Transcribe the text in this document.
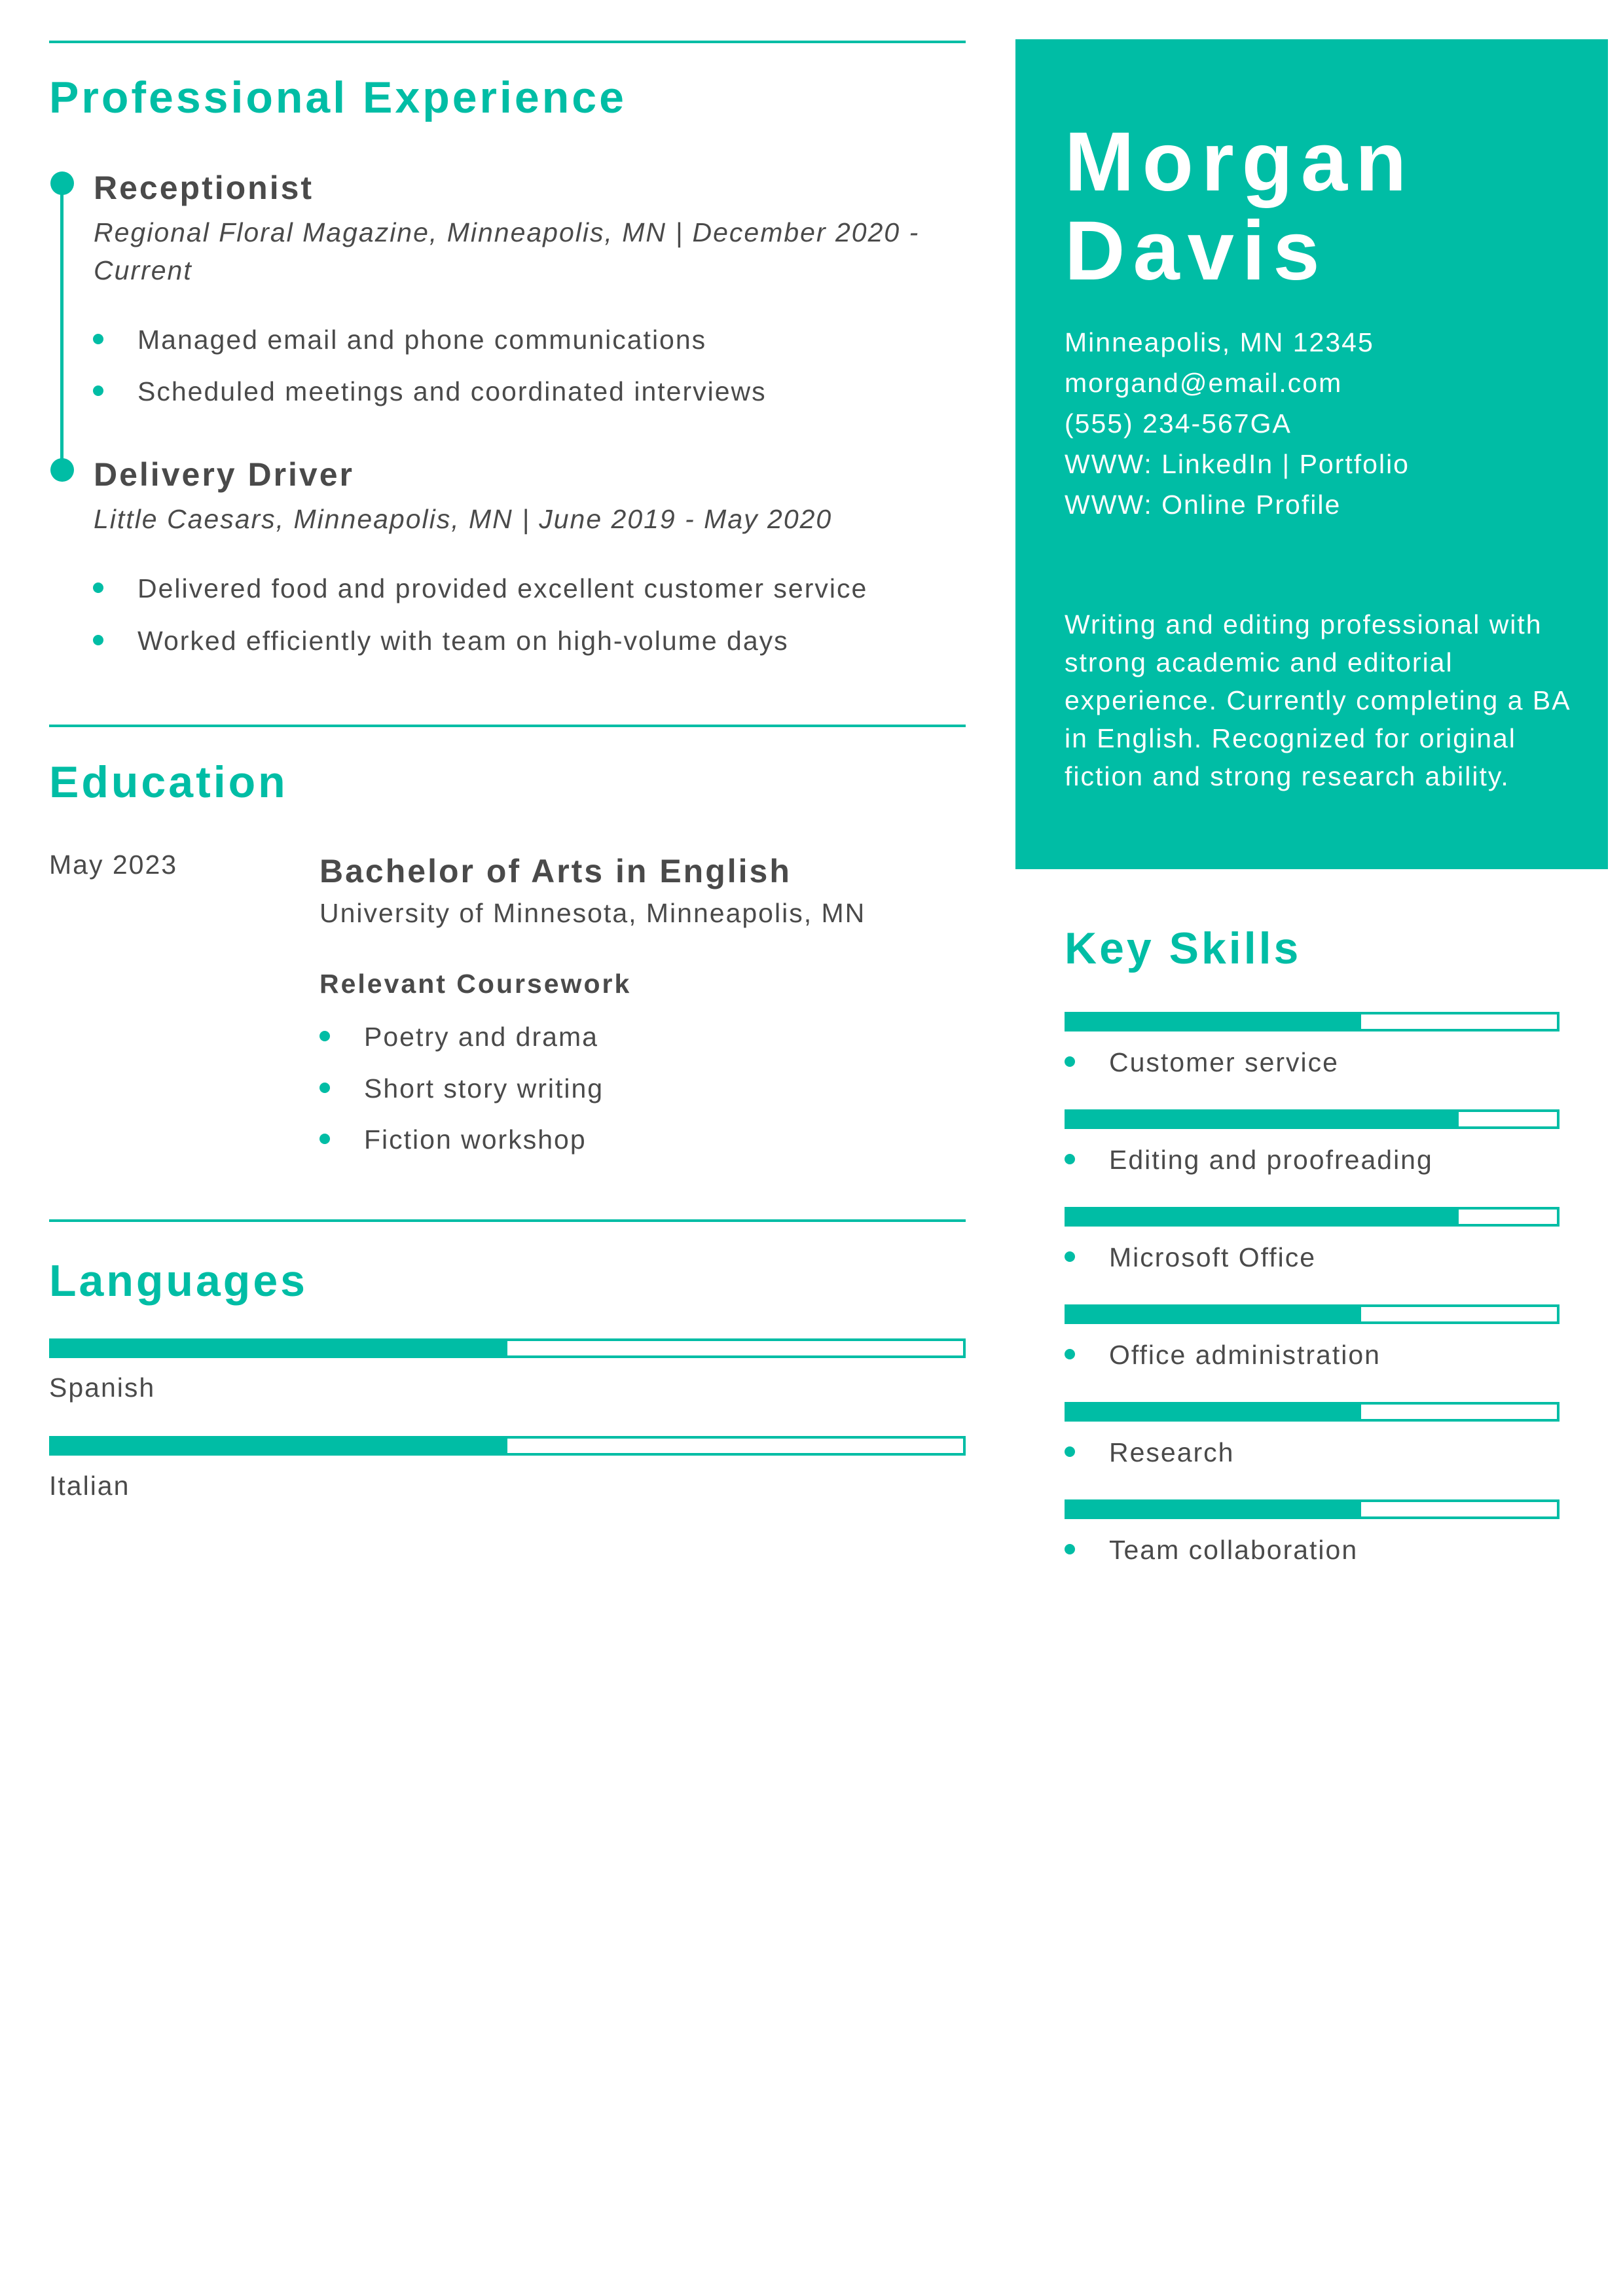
Professional Experience
Receptionist
Regional Floral Magazine, Minneapolis, MN | December 2020 - Current
Managed email and phone communications
Scheduled meetings and coordinated interviews
Delivery Driver
Little Caesars, Minneapolis, MN | June 2019 - May 2020
Delivered food and provided excellent customer service
Worked efficiently with team on high-volume days
Education
May 2023	Bachelor of Arts in English
University of Minnesota, Minneapolis, MN
Relevant Coursework
Poetry and drama
Short story writing
Fiction workshop
Languages
Spanish
Italian
Morgan
Davis
Minneapolis, MN 12345
morgand@email.com
(555) 234-567GA
WWW: LinkedIn | Portfolio
WWW: Online Profile
Writing and editing professional with strong academic and editorial experience. Currently completing a BA in English. Recognized for original fiction and strong research ability.
Key Skills
Customer service
Editing and proofreading
Microsoft Office
Office administration
Research
Team collaboration
